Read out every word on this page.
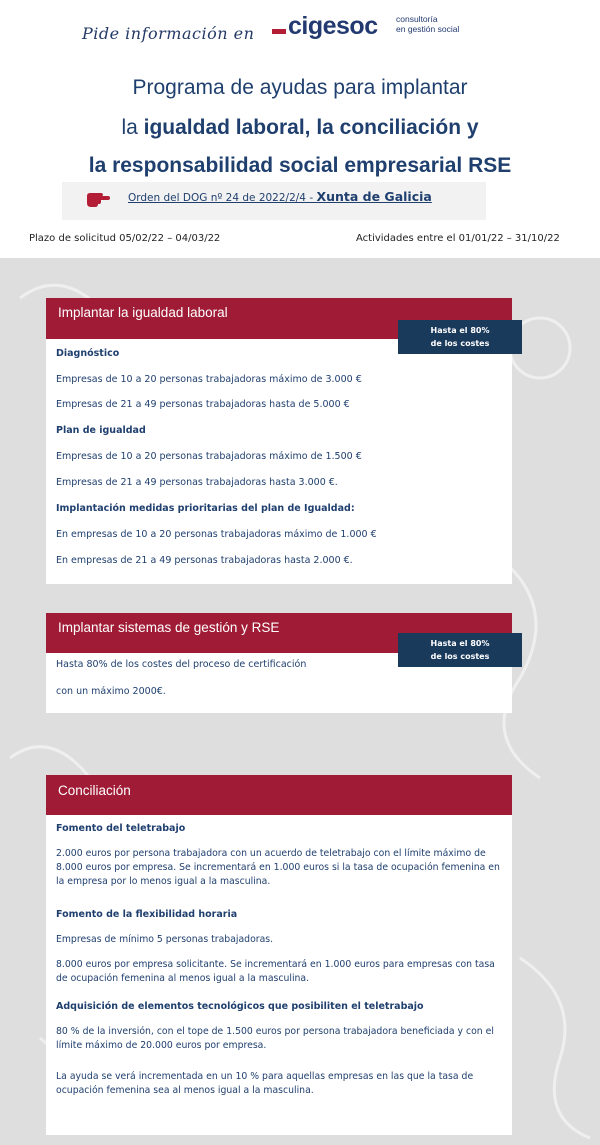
Pide información en cigesoc consultoría
en gestión social
Programa de ayudas para implantar
la igualdad laboral, la conciliación y
la responsabilidad social empresarial RSE
Orden del DOG nº 24 de 2022/2/4 - Xunta de Galicia
Plazo de solicitud 05/02/22 – 04/03/22	Actividades entre el 01/01/22 – 31/10/22
Implantar la igualdad laboral
Hasta el 80%
de los costes
Diagnóstico
Empresas de 10 a 20 personas trabajadoras máximo de 3.000 €
Empresas de 21 a 49 personas trabajadoras hasta de 5.000 €
Plan de igualdad
Empresas de 10 a 20 personas trabajadoras máximo de 1.500 €
Empresas de 21 a 49 personas trabajadoras hasta 3.000 €.
Implantación medidas prioritarias del plan de Igualdad:
En empresas de 10 a 20 personas trabajadoras máximo de 1.000 €
En empresas de 21 a 49 personas trabajadoras hasta 2.000 €.
Implantar sistemas de gestión y RSE
Hasta el 80%
de los costes
Hasta 80% de los costes del proceso de certificación
con un máximo 2000€.
Conciliación
Fomento del teletrabajo
2.000 euros por persona trabajadora con un acuerdo de teletrabajo con el límite máximo de 8.000 euros por empresa. Se incrementará en 1.000 euros si la tasa de ocupación femenina en la empresa por lo menos igual a la masculina.
Fomento de la flexibilidad horaria
Empresas de mínimo 5 personas trabajadoras.
8.000 euros por empresa solicitante. Se incrementará en 1.000 euros para empresas con tasa de ocupación femenina al menos igual a la masculina.
Adquisición de elementos tecnológicos que posibiliten el teletrabajo
80 % de la inversión, con el tope de 1.500 euros por persona trabajadora beneficiada y con el límite máximo de 20.000 euros por empresa.
La ayuda se verá incrementada en un 10 % para aquellas empresas en las que la tasa de ocupación femenina sea al menos igual a la masculina.
